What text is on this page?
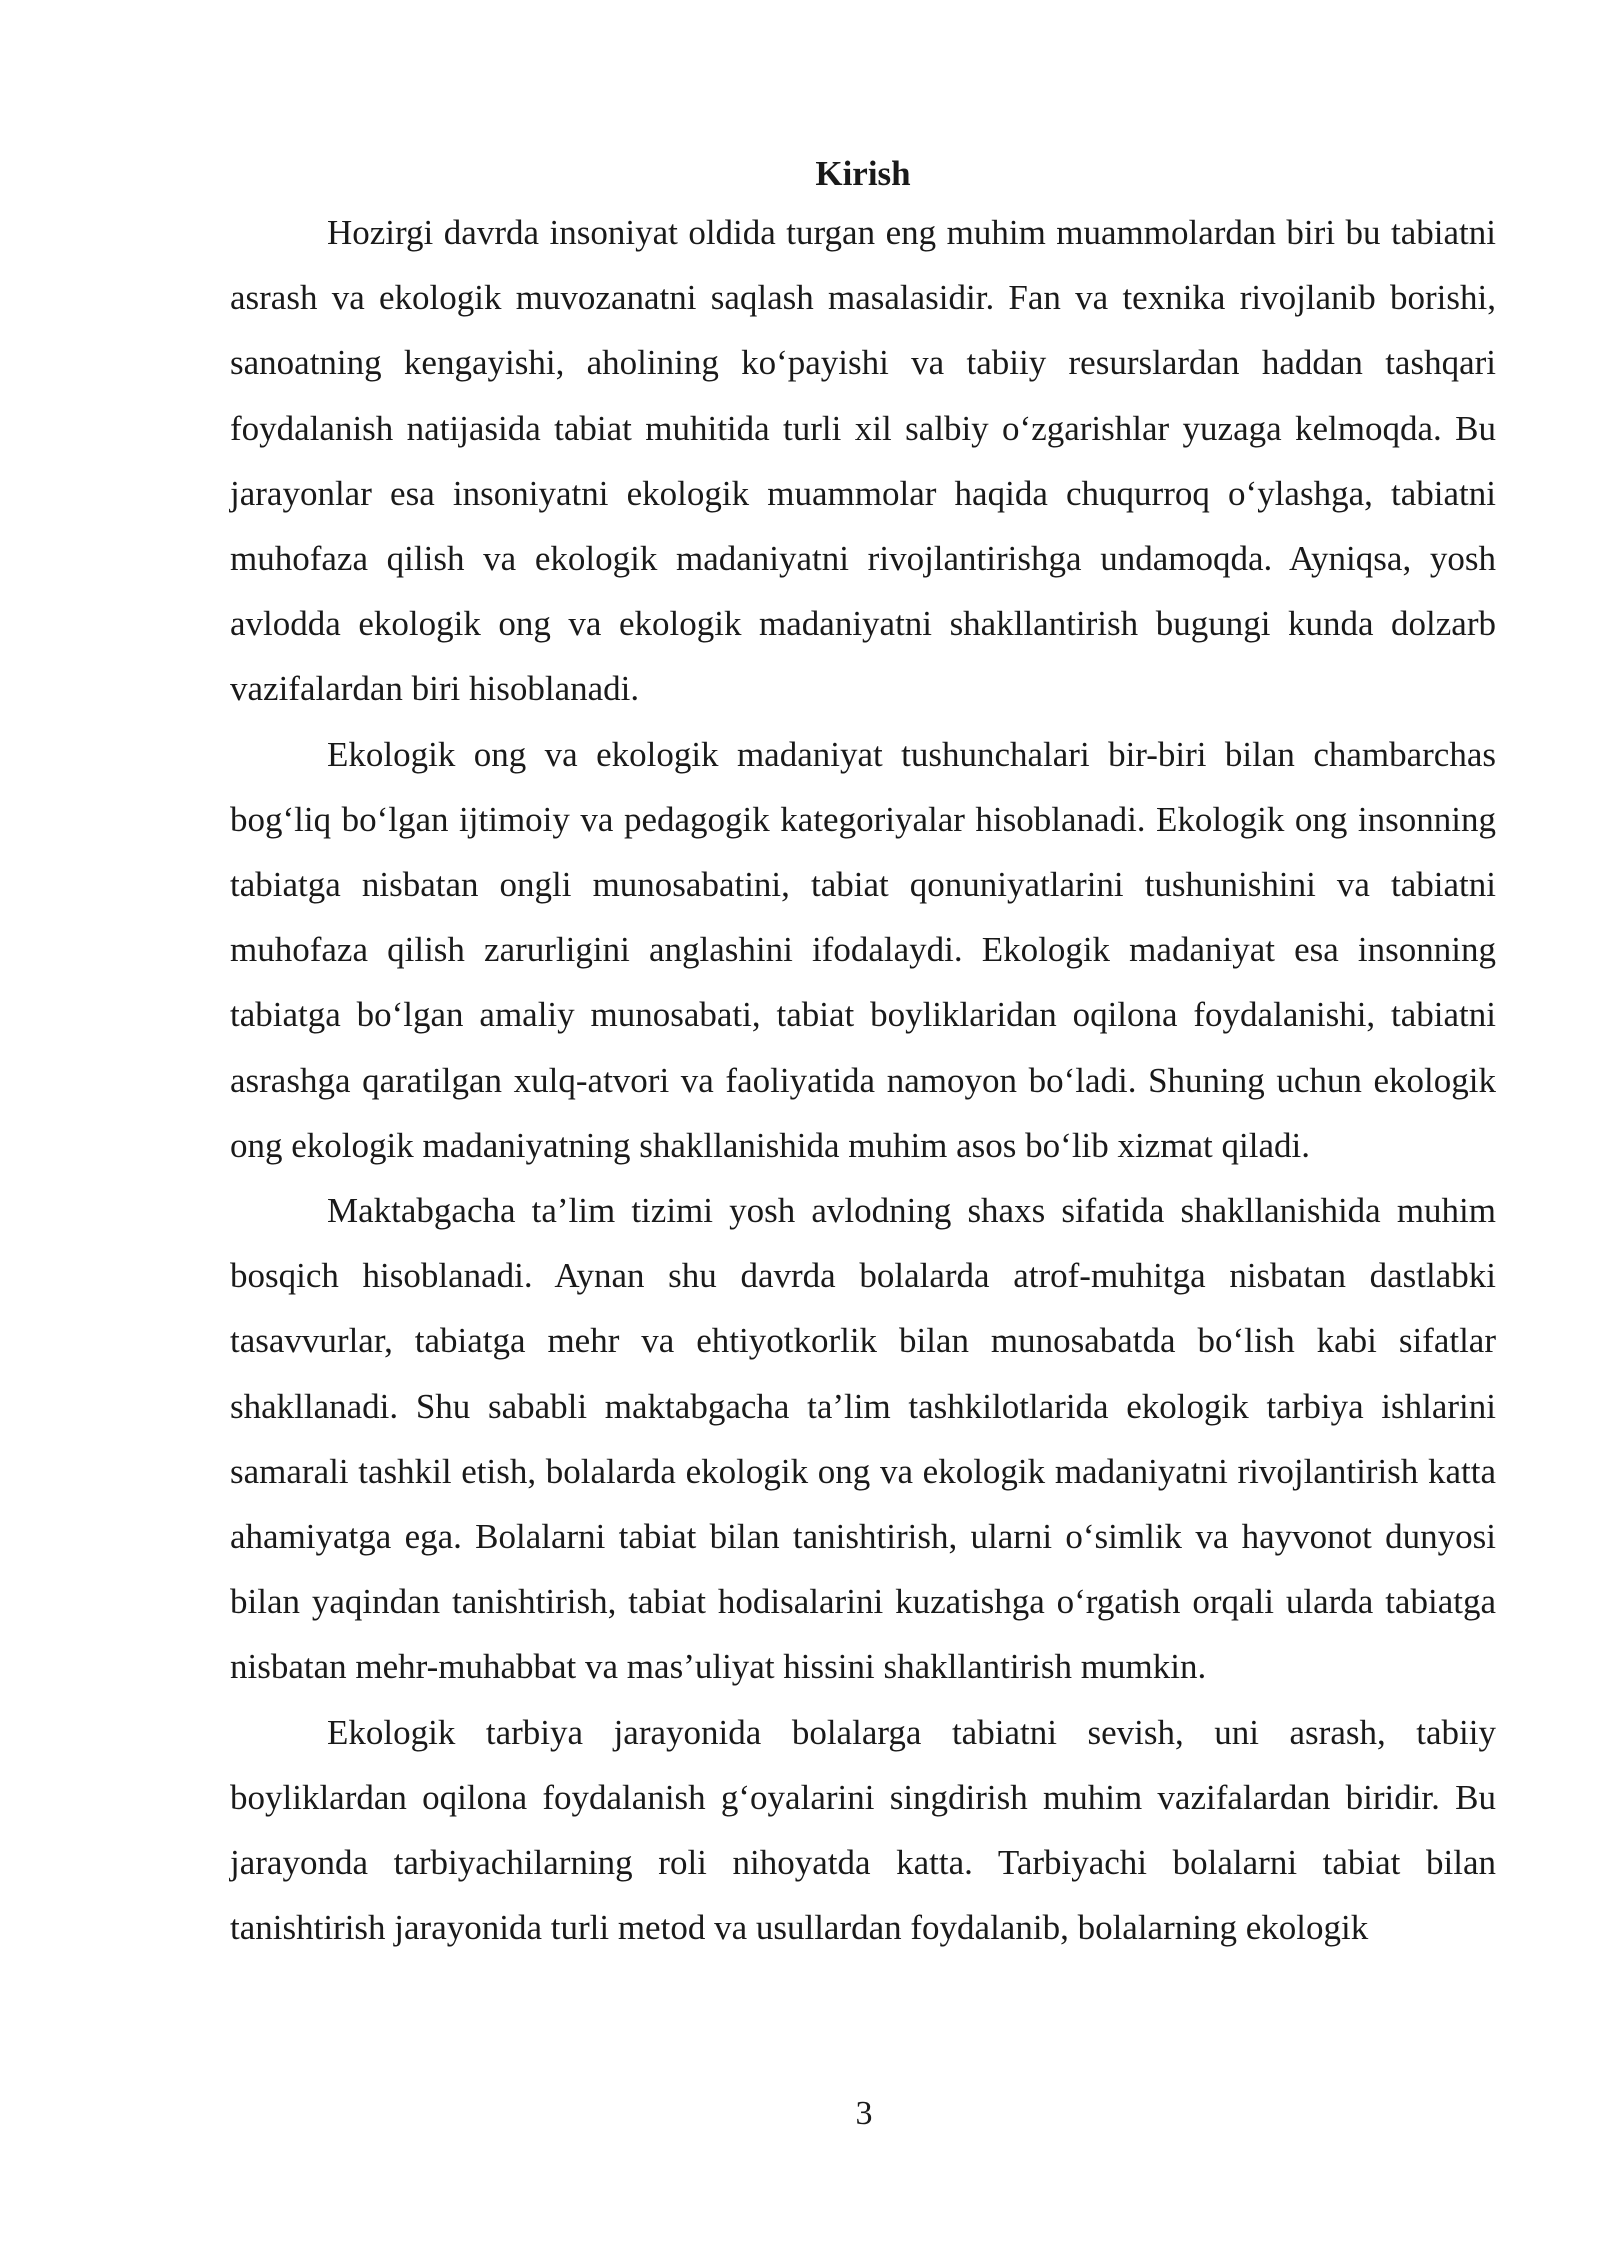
Kirish

Hozirgi davrda insoniyat oldida turgan eng muhim muammolardan biri bu tabiatni asrash va ekologik muvozanatni saqlash masalasidir. Fan va texnika rivojlanib borishi, sanoatning kengayishi, aholining ko‘payishi va tabiiy resurslardan haddan tashqari foydalanish natijasida tabiat muhitida turli xil salbiy o‘zgarishlar yuzaga kelmoqda. Bu jarayonlar esa insoniyatni ekologik muammolar haqida chuqurroq o‘ylashga, tabiatni muhofaza qilish va ekologik madaniyatni rivojlantirishga undamoqda. Ayniqsa, yosh avlodda ekologik ong va ekologik madaniyatni shakllantirish bugungi kunda dolzarb vazifalardan biri hisoblanadi.

Ekologik ong va ekologik madaniyat tushunchalari bir-biri bilan chambarchas bog‘liq bo‘lgan ijtimoiy va pedagogik kategoriyalar hisoblanadi. Ekologik ong insonning tabiatga nisbatan ongli munosabatini, tabiat qonuniyatlarini tushunishini va tabiatni muhofaza qilish zarurligini anglashini ifodalaydi. Ekologik madaniyat esa insonning tabiatga bo‘lgan amaliy munosabati, tabiat boyliklaridan oqilona foydalanishi, tabiatni asrashga qaratilgan xulq-atvori va faoliyatida namoyon bo‘ladi. Shuning uchun ekologik ong ekologik madaniyatning shakllanishida muhim asos bo‘lib xizmat qiladi.

Maktabgacha ta’lim tizimi yosh avlodning shaxs sifatida shakllanishida muhim bosqich hisoblanadi. Aynan shu davrda bolalarda atrof-muhitga nisbatan dastlabki tasavvurlar, tabiatga mehr va ehtiyotkorlik bilan munosabatda bo‘lish kabi sifatlar shakllanadi. Shu sababli maktabgacha ta’lim tashkilotlarida ekologik tarbiya ishlarini samarali tashkil etish, bolalarda ekologik ong va ekologik madaniyatni rivojlantirish katta ahamiyatga ega. Bolalarni tabiat bilan tanishtirish, ularni o‘simlik va hayvonot dunyosi bilan yaqindan tanishtirish, tabiat hodisalarini kuzatishga o‘rgatish orqali ularda tabiatga nisbatan mehr-muhabbat va mas’uliyat hissini shakllantirish mumkin.

Ekologik tarbiya jarayonida bolalarga tabiatni sevish, uni asrash, tabiiy boyliklardan oqilona foydalanish g‘oyalarini singdirish muhim vazifalardan biridir. Bu jarayonda tarbiyachilarning roli nihoyatda katta. Tarbiyachi bolalarni tabiat bilan tanishtirish jarayonida turli metod va usullardan foydalanib, bolalarning ekologik

3
